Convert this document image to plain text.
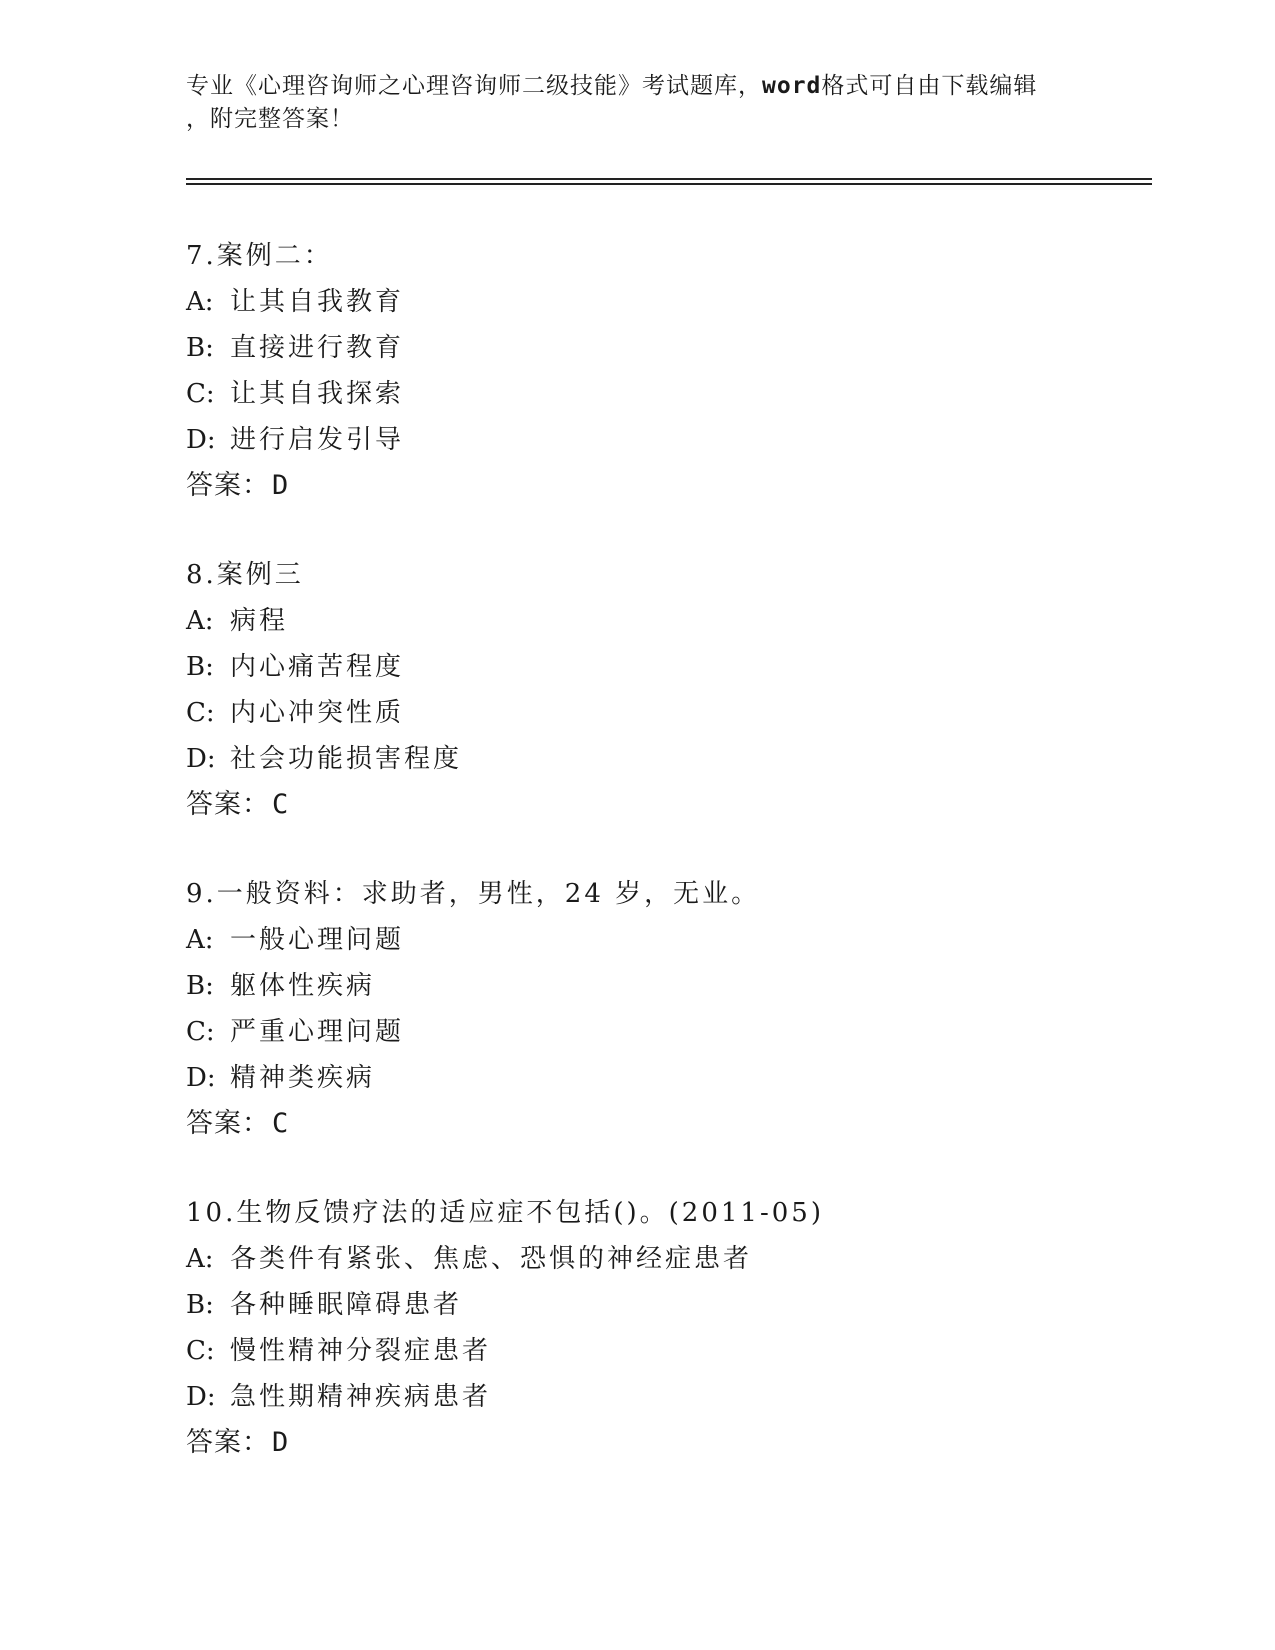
专业《心理咨询师之心理咨询师二级技能》考试题库，word格式可自由下载编辑
，附完整答案！
7.案例二：
A: 让其自我教育
B: 直接进行教育
C: 让其自我探索
D: 进行启发引导
答案：D
8.案例三
A: 病程
B: 内心痛苦程度
C: 内心冲突性质
D: 社会功能损害程度
答案：C
9.一般资料：求助者，男性，24 岁，无业。
A: 一般心理问题
B: 躯体性疾病
C: 严重心理问题
D: 精神类疾病
答案：C
10.生物反馈疗法的适应症不包括()。(2011-05)
A: 各类件有紧张、焦虑、恐惧的神经症患者
B: 各种睡眠障碍患者
C: 慢性精神分裂症患者
D: 急性期精神疾病患者
答案：D
